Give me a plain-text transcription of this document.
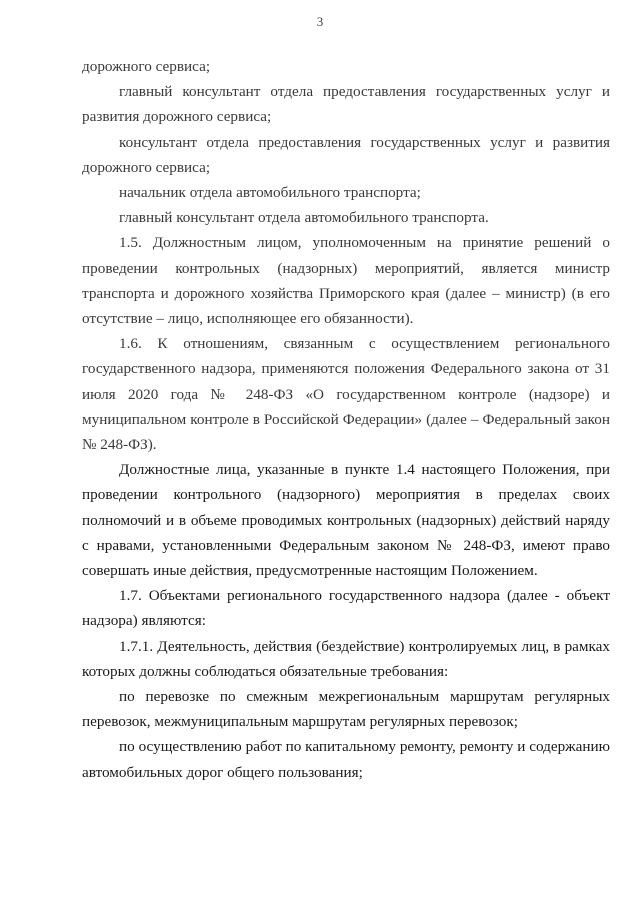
3

дорожного сервиса;

главный консультант отдела предоставления государственных услуг и развития дорожного сервиса;

консультант отдела предоставления государственных услуг и развития дорожного сервиса;

начальник отдела автомобильного транспорта;

главный консультант отдела автомобильного транспорта.

1.5. Должностным лицом, уполномоченным на принятие решений о проведении контрольных (надзорных) мероприятий, является министр транспорта и дорожного хозяйства Приморского края (далее – министр) (в его отсутствие – лицо, исполняющее его обязанности).

1.6. К отношениям, связанным с осуществлением регионального государственного надзора, применяются положения Федерального закона от 31 июля 2020 года № 248-ФЗ «О государственном контроле (надзоре) и муниципальном контроле в Российской Федерации» (далее – Федеральный закон № 248-ФЗ).

Должностные лица, указанные в пункте 1.4 настоящего Положения, при проведении контрольного (надзорного) мероприятия в пределах своих полномочий и в объеме проводимых контрольных (надзорных) действий наряду с нравами, установленными Федеральным законом № 248-ФЗ, имеют право совершать иные действия, предусмотренные настоящим Положением.

1.7. Объектами регионального государственного надзора (далее - объект надзора) являются:

1.7.1. Деятельность, действия (бездействие) контролируемых лиц, в рамках которых должны соблюдаться обязательные требования:

по перевозке по смежным межрегиональным маршрутам регулярных перевозок, межмуниципальным маршрутам регулярных перевозок;

по осуществлению работ по капитальному ремонту, ремонту и содержанию автомобильных дорог общего пользования;
